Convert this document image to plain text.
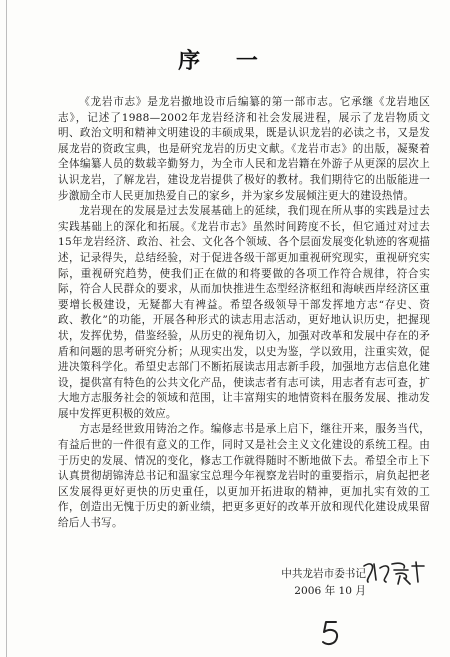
序 一

《龙岩市志》是龙岩撤地设市后编纂的第一部市志。它承继《龙岩地区志》，记述了1988—2002年龙岩经济和社会发展进程，展示了龙岩物质文明、政治文明和精神文明建设的丰硕成果，既是认识龙岩的必读之书，又是发展龙岩的资政宝典，也是研究龙岩的历史文献。《龙岩市志》的出版，凝聚着全体编纂人员的数载辛勤努力，为全市人民和龙岩籍在外游子从更深的层次上认识龙岩，了解龙岩，建设龙岩提供了极好的教材。我们期待它的出版能进一步激励全市人民更加热爱自己的家乡，并为家乡发展倾注更大的建设热情。

龙岩现在的发展是过去发展基础上的延续，我们现在所从事的实践是过去实践基础上的深化和拓展。《龙岩市志》虽然时间跨度不长，但它通过对过去15年龙岩经济、政治、社会、文化各个领域、各个层面发展变化轨迹的客观描述，记录得失，总结经验，对于促进各级干部更加重视研究现实，重视研究实际，重视研究趋势，使我们正在做的和将要做的各项工作符合规律，符合实际，符合人民群众的要求，从而加快推进生态型经济枢纽和海峡西岸经济区重要增长极建设，无疑都大有裨益。希望各级领导干部发挥地方志“存史、资政、教化”的功能，开展各种形式的读志用志活动，更好地认识历史，把握现状，发挥优势，借鉴经验，从历史的视角切入，加强对改革和发展中存在的矛盾和问题的思考研究分析；从现实出发，以史为鉴，学以致用，注重实效，促进决策科学化。希望史志部门不断拓展读志用志新手段，加强地方志信息化建设，提供富有特色的公共文化产品，使读志者有志可读，用志者有志可查，扩大地方志服务社会的领域和范围，让丰富翔实的地情资料在服务发展、推动发展中发挥更积极的效应。

方志是经世致用铸治之作。编修志书是承上启下，继往开来，服务当代，有益后世的一件很有意义的工作，同时又是社会主义文化建设的系统工程。由于历史的发展、情况的变化，修志工作就得随时不断地做下去。希望全市上下认真贯彻胡锦涛总书记和温家宝总理今年视察龙岩时的重要指示，肩负起把老区发展得更好更快的历史重任，以更加开拓进取的精神，更加扎实有效的工作，创造出无愧于历史的新业绩，把更多更好的改革开放和现代化建设成果留给后人书写。

中共龙岩市委书记

2006 年 10 月
